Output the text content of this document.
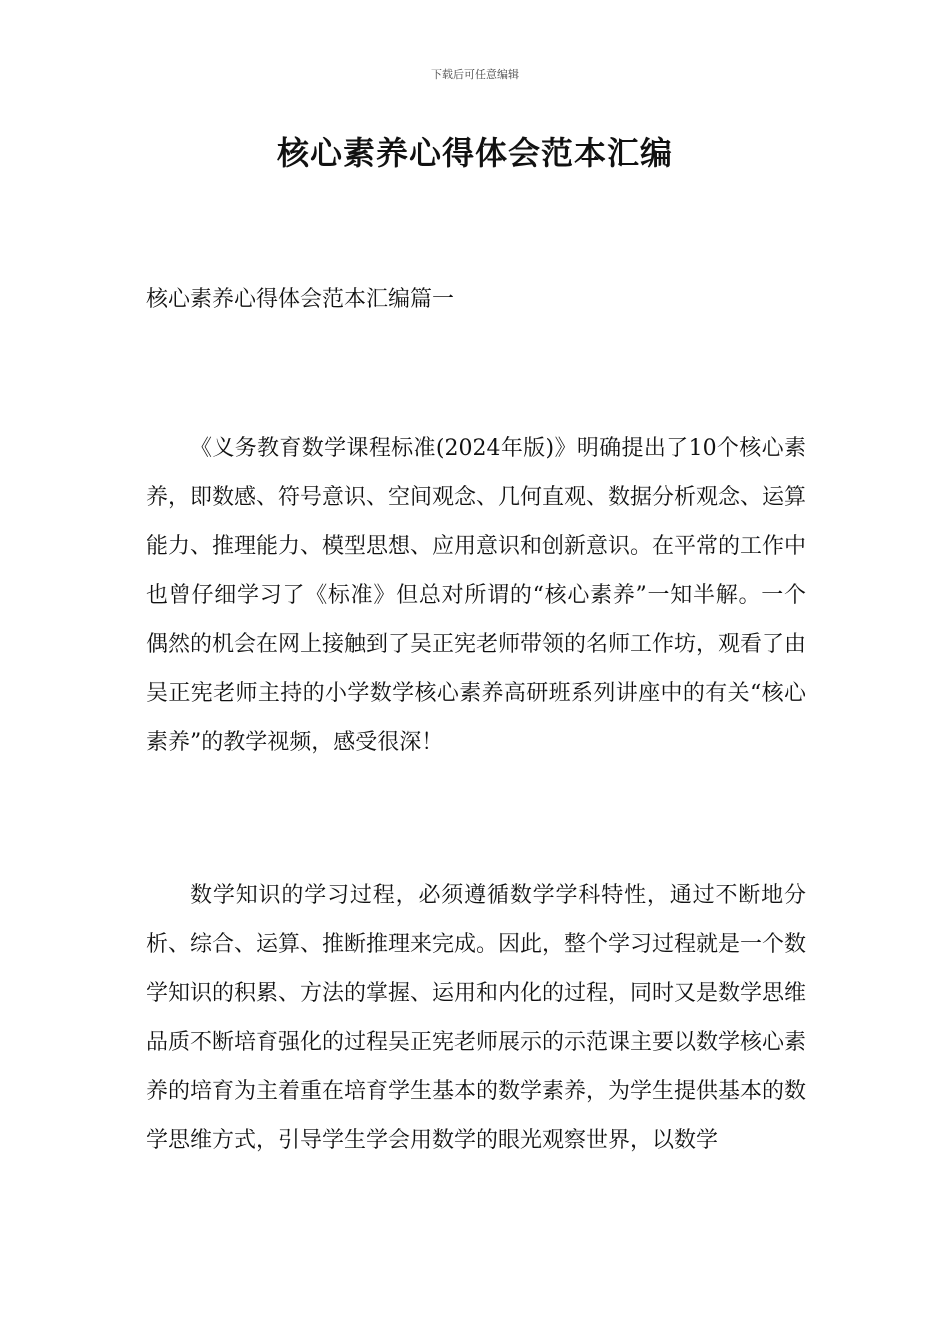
下载后可任意编辑
核心素养心得体会范本汇编
核心素养心得体会范本汇编篇一

《义务教育数学课程标准(2024年版)》明确提出了10个核心素养，即数感、符号意识、空间观念、几何直观、数据分析观念、运算能力、推理能力、模型思想、应用意识和创新意识。在平常的工作中也曾仔细学习了《标准》但总对所谓的“核心素养”一知半解。一个偶然的机会在网上接触到了吴正宪老师带领的名师工作坊，观看了由吴正宪老师主持的小学数学核心素养高研班系列讲座中的有关“核心素养”的教学视频，感受很深！

数学知识的学习过程，必须遵循数学学科特性，通过不断地分析、综合、运算、推断推理来完成。因此，整个学习过程就是一个数学知识的积累、方法的掌握、运用和内化的过程，同时又是数学思维品质不断培育强化的过程吴正宪老师展示的示范课主要以数学核心素养的培育为主着重在培育学生基本的数学素养，为学生提供基本的数学思维方式，引导学生学会用数学的眼光观察世界，以数学
